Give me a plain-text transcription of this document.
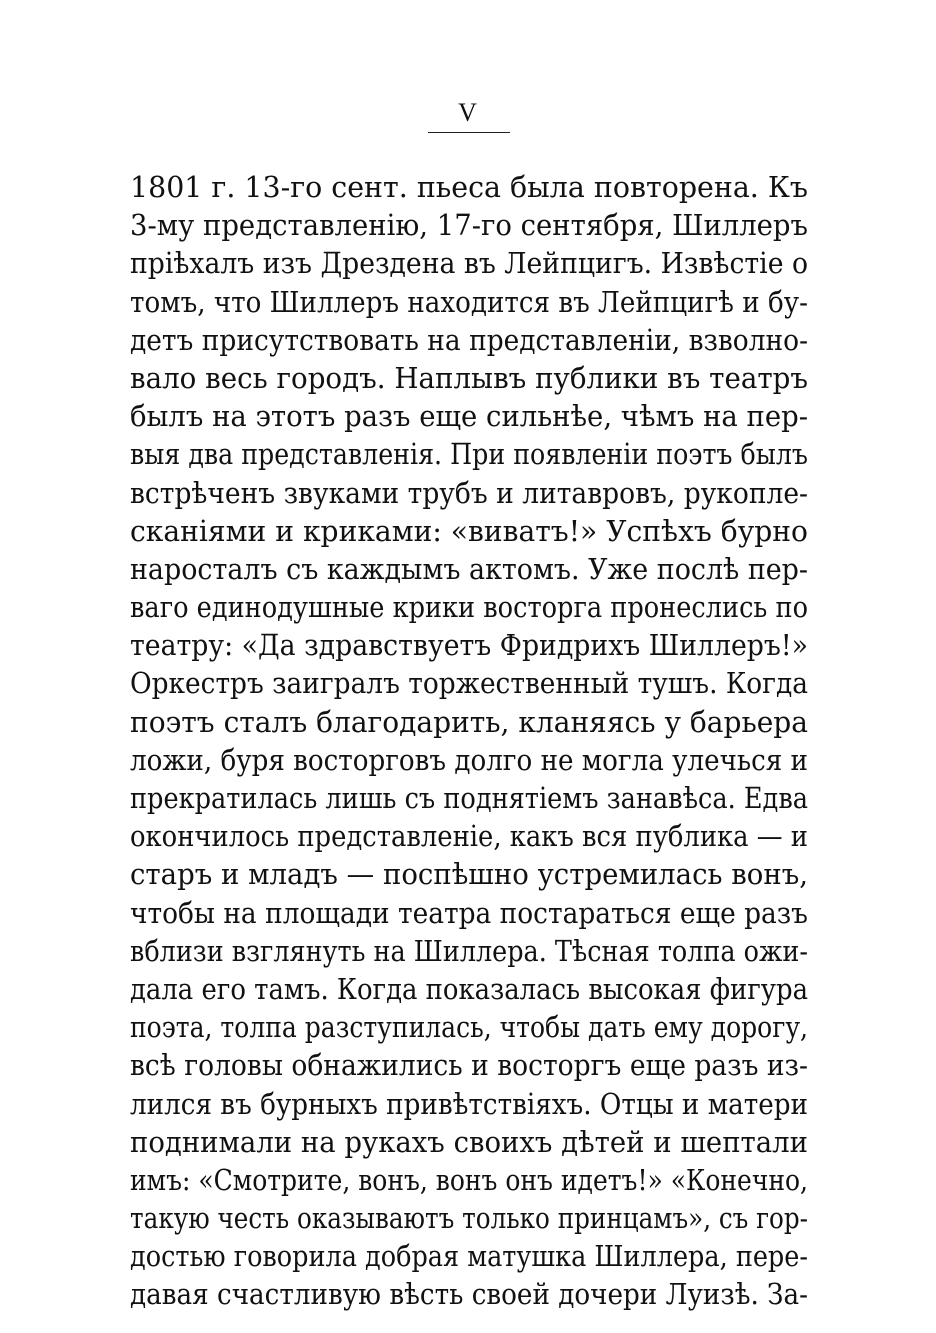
V
1801 г. 13-го сент. пьеса была повторена. Къ
3-му представленію, 17-го сентября, Шиллеръ
пріѣхалъ изъ Дрездена въ Лейпцигъ. Извѣстіе о
томъ, что Шиллеръ находится въ Лейпцигѣ и бу-
детъ присутствовать на представленіи, взволно-
вало весь городъ. Наплывъ публики въ театръ
былъ на этотъ разъ еще сильнѣе, чѣмъ на пер-
выя два представленія. При появленіи поэтъ былъ
встрѣченъ звуками трубъ и литавровъ, рукопле-
сканіями и криками: «виватъ!» Успѣхъ бурно
наросталъ съ каждымъ актомъ. Уже послѣ пер-
ваго единодушные крики восторга пронеслись по
театру: «Да здравствуетъ Фридрихъ Шиллеръ!»
Оркестръ заигралъ торжественный тушъ. Когда
поэтъ сталъ благодарить, кланяясь у барьера
ложи, буря восторговъ долго не могла улечься и
прекратилась лишь съ поднятіемъ занавѣса. Едва
окончилось представленіе, какъ вся публика — и
старъ и младъ — поспѣшно устремилась вонъ,
чтобы на площади театра постараться еще разъ
вблизи взглянуть на Шиллера. Тѣсная толпа ожи-
дала его тамъ. Когда показалась высокая фигура
поэта, толпа разступилась, чтобы дать ему дорогу,
всѣ головы обнажились и восторгъ еще разъ из-
лился въ бурныхъ привѣтствіяхъ. Отцы и матери
поднимали на рукахъ своихъ дѣтей и шептали
имъ: «Смотрите, вонъ, вонъ онъ идетъ!» «Конечно,
такую честь оказываютъ только принцамъ», съ гор-
достью говорила добрая матушка Шиллера, пере-
давая счастливую вѣсть своей дочери Луизѣ. За-
